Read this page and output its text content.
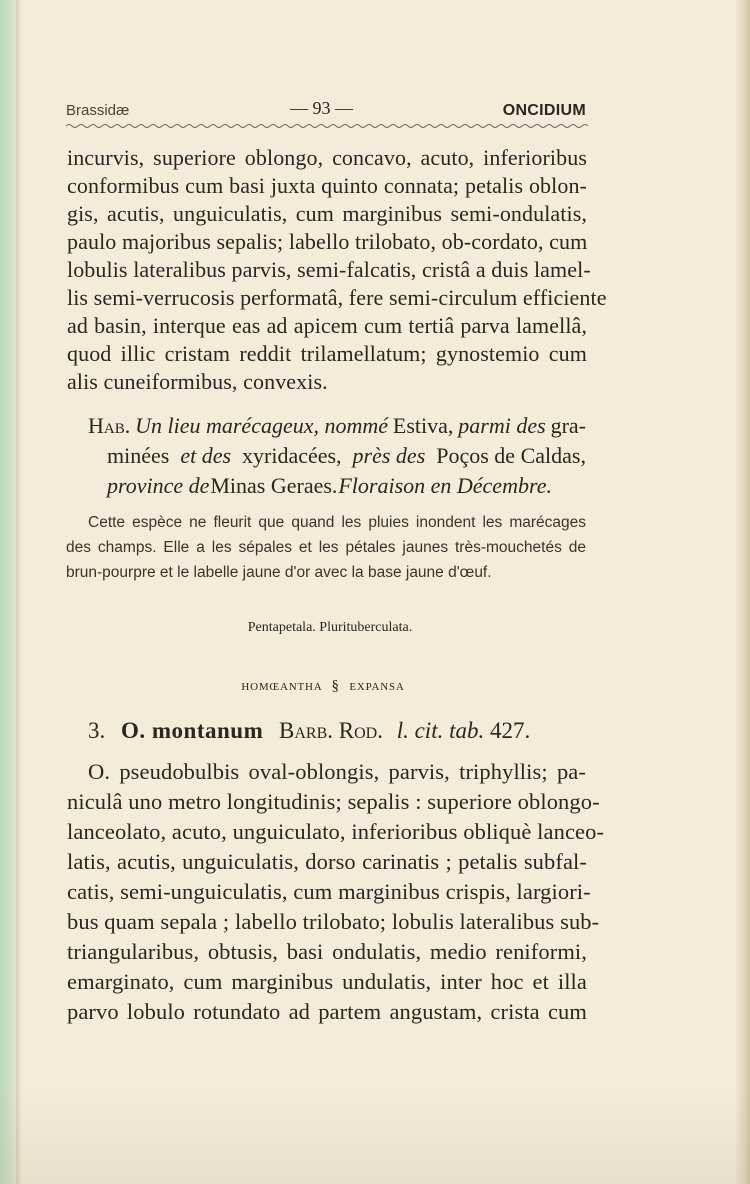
Brassidæ	— 93 —	ONCIDIUM
incurvis, superiore oblongo, concavo, acuto, inferioribus
conformibus cum basi juxta quinto connata; petalis oblon-
gis, acutis, unguiculatis, cum marginibus semi-ondulatis,
paulo majoribus sepalis; labello trilobato, ob-cordato, cum
lobulis lateralibus parvis, semi-falcatis, cristâ a duis lamel-
lis semi-verrucosis performatâ, fere semi-circulum efficiente
ad basin, interque eas ad apicem cum tertiâ parva lamellâ,
quod illic cristam reddit trilamellatum; gynostemio cum
alis cuneiformibus, convexis.
Hab. Un lieu marécageux, nommé Estiva, parmi des gra-
minées et des xyridacées, près des Poços de Caldas,
province de Minas Geraes. Floraison en Décembre.
Cette espèce ne fleurit que quand les pluies inondent les marécages
des champs. Elle a les sépales et les pétales jaunes très-mouchetés de
brun-pourpre et le labelle jaune d'or avec la base jaune d'œuf.
Pentapetala. Plurituberculata.
HOMŒANTHA § EXPANSA
3. O. montanum Barb. Rod. l. cit. tab. 427.
O. pseudobulbis oval-oblongis, parvis, triphyllis; pa-
niculâ uno metro longitudinis; sepalis : superiore oblongo-
lanceolato, acuto, unguiculato, inferioribus obliquè lanceo-
latis, acutis, unguiculatis, dorso carinatis ; petalis subfal-
catis, semi-unguiculatis, cum marginibus crispis, largiori-
bus quam sepala ; labello trilobato; lobulis lateralibus sub-
triangularibus, obtusis, basi ondulatis, medio reniformi,
emarginato, cum marginibus undulatis, inter hoc et illa
parvo lobulo rotundato ad partem angustam, crista cum
